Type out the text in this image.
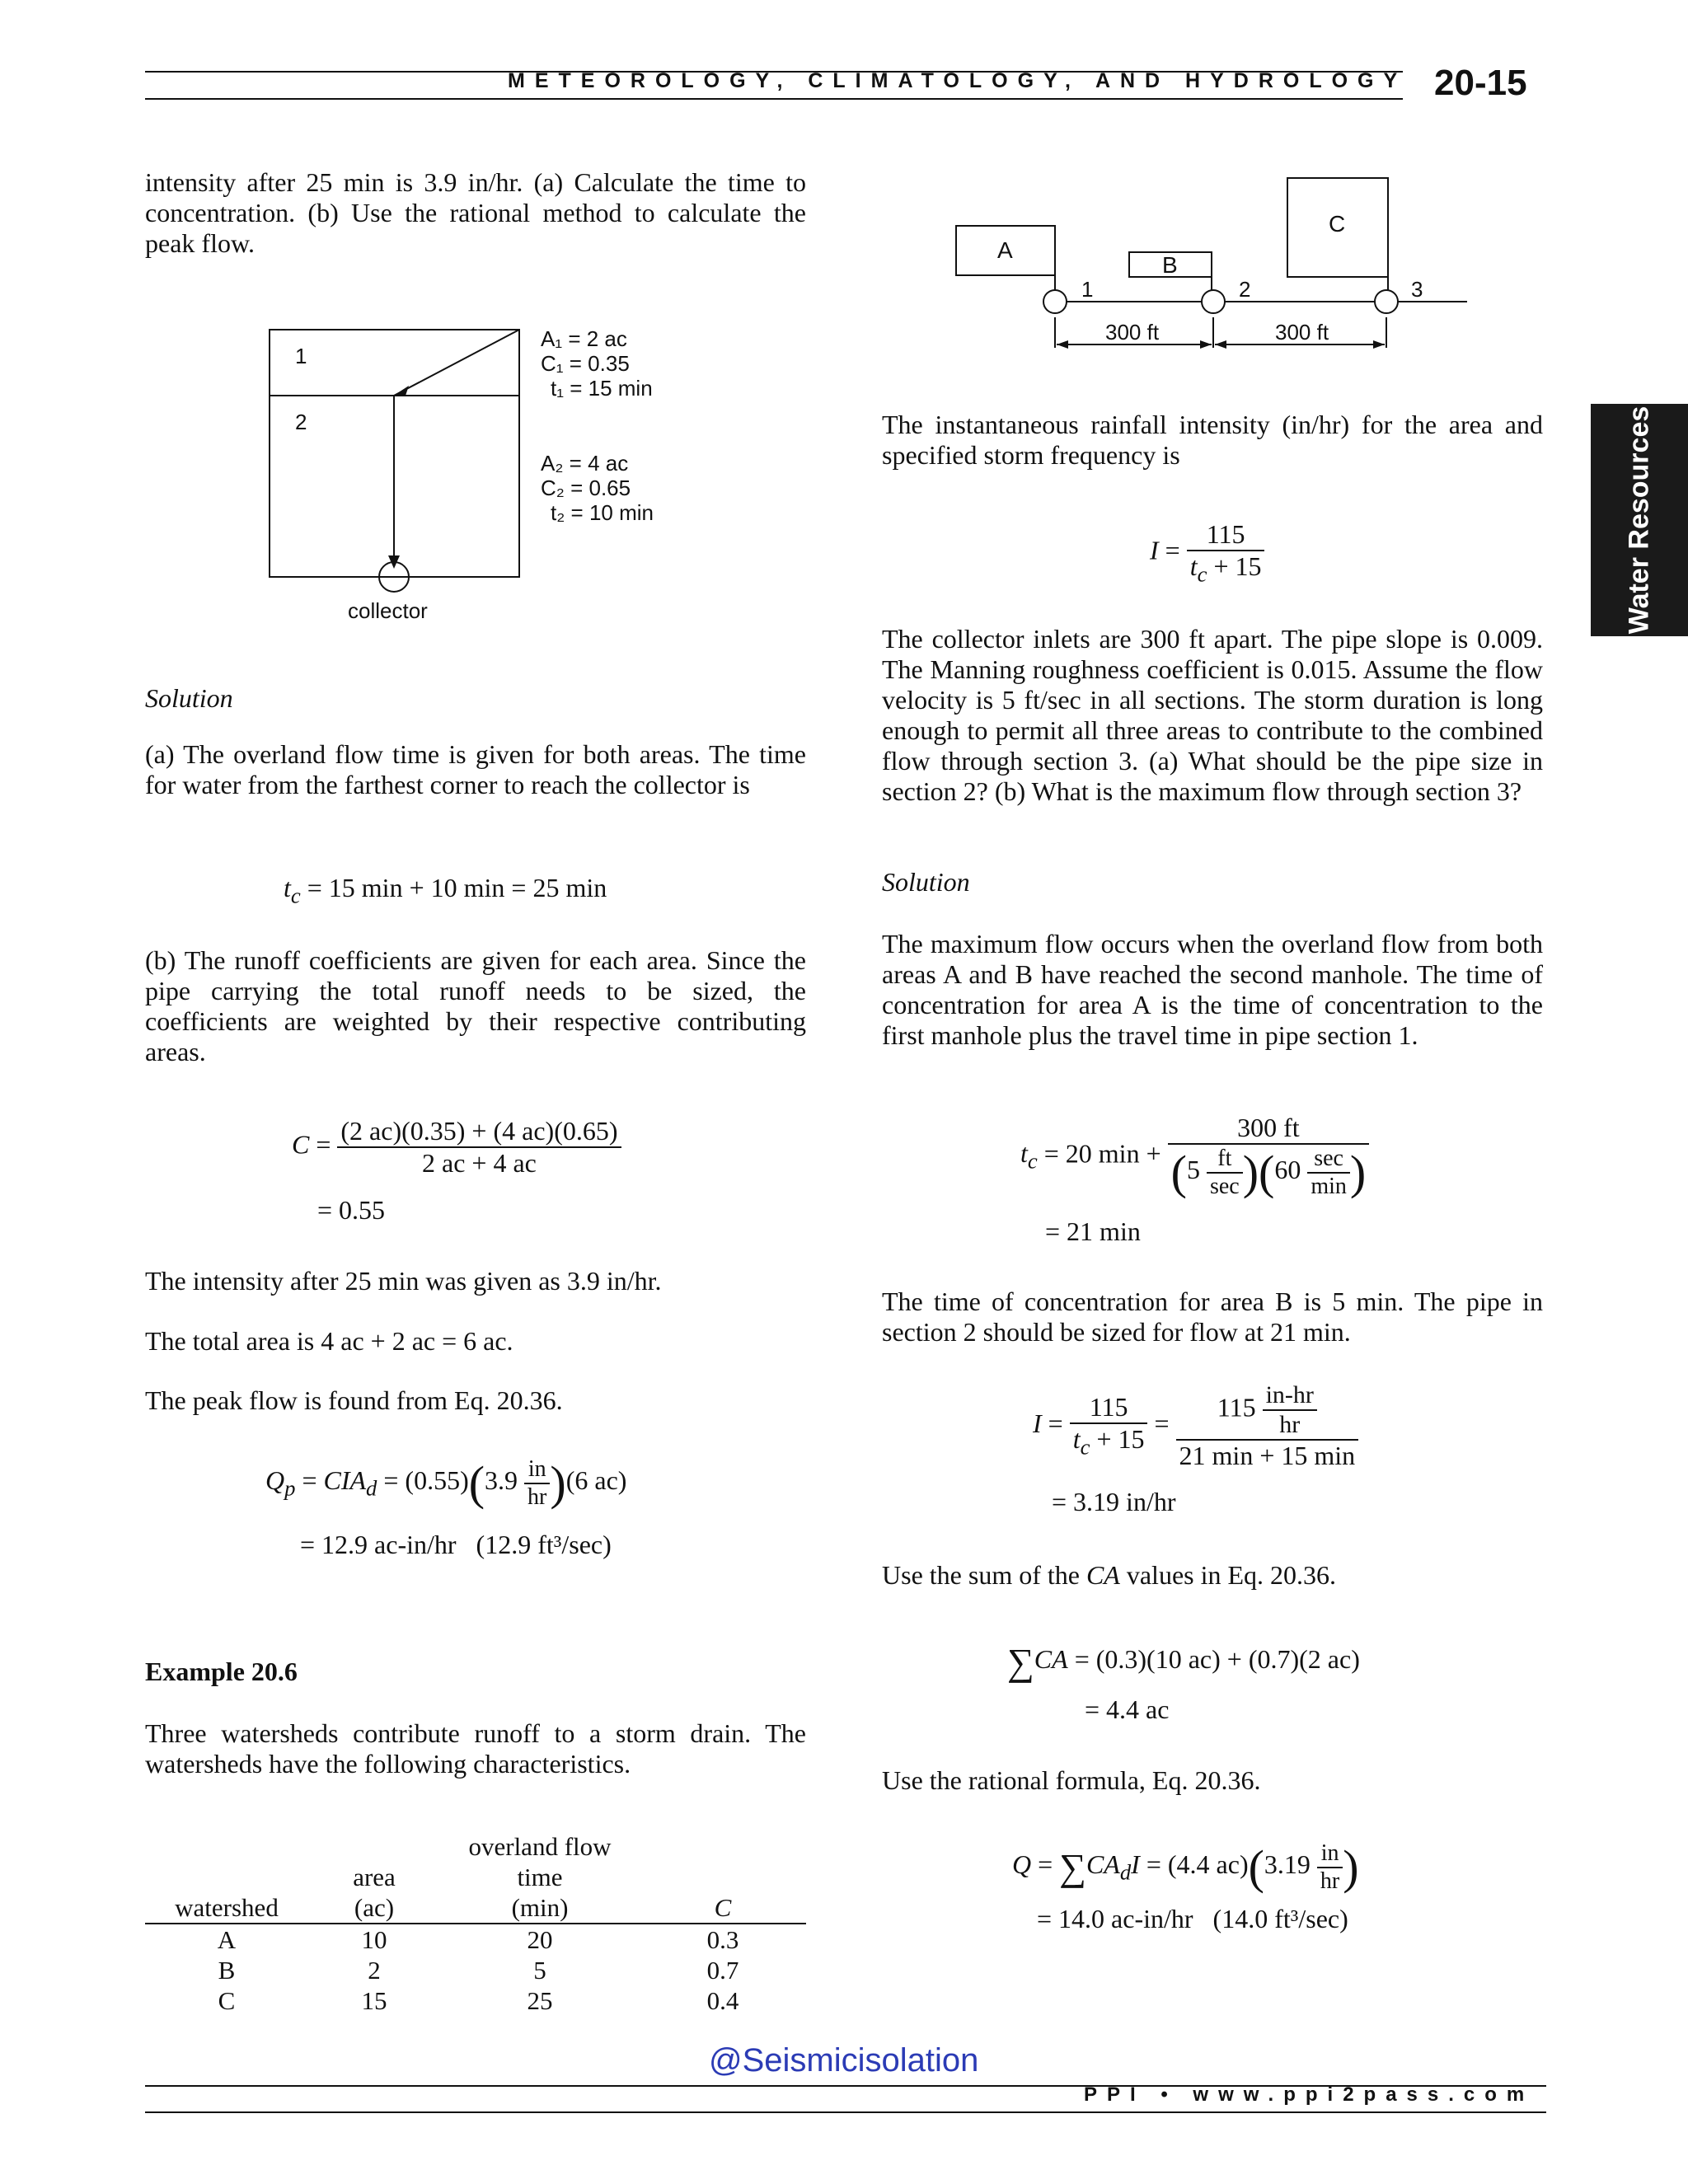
METEOROLOGY, CLIMATOLOGY, AND HYDROLOGY 20-15
Water Resources
intensity after 25 min is 3.9 in/hr. (a) Calculate the time to concentration. (b) Use the rational method to calculate the peak flow.
1
2
A₁ = 2 ac
C₁ = 0.35
t₁ = 15 min
A₂ = 4 ac
C₂ = 0.65
t₂ = 10 min
collector
Solution
(a) The overland flow time is given for both areas. The time for water from the farthest corner to reach the collector is
$t_c = 15$ min + 10 min = 25 min
(b) The runoff coefficients are given for each area. Since the pipe carrying the total runoff needs to be sized, the coefficients are weighted by their respective contributing areas.
$C = \frac{(2 ac)(0.35) + (4 ac)(0.65)}{2 ac + 4 ac}$
= 0.55
The intensity after 25 min was given as 3.9 in/hr.
The total area is 4 ac + 2 ac = 6 ac.
The peak flow is found from Eq. 20.36.
$Q_p = CIA_d = (0.55)(3.9 \frac{in}{hr} )(6$ ac)
= 12.9 ac-in/hr (12.9 ft³/sec)
Example 20.6
Three watersheds contribute runoff to a storm drain. The watersheds have the following characteristics.
		overland flow	
	area	time	
watershed	(ac)	(min)	C
A	10	20	0.3
B	2	5	0.7
C	15	25	0.4
A
B
C
1	2	3
300 ft	300 ft
The instantaneous rainfall intensity (in/hr) for the area and specified storm frequency is
$I = \frac{115}{t_c + 15}$
The collector inlets are 300 ft apart. The pipe slope is 0.009. The Manning roughness coefficient is 0.015. Assume the flow velocity is 5 ft/sec in all sections. The storm duration is long enough to permit all three areas to contribute to the combined flow through section 3. (a) What should be the pipe size in section 2? (b) What is the maximum flow through section 3?
Solution
The maximum flow occurs when the overland flow from both areas A and B have reached the second manhole. The time of concentration for area A is the time of concentration to the first manhole plus the travel time in pipe section 1.
$t_c = 20$ $\min + \frac{300 ft}{(5 \frac{ft}{\sec} )(60 \frac{\sec}{\min} )}$
= 21 min
The time of concentration for area B is 5 min. The pipe in section 2 should be sized for flow at 21 min.
$I = \frac{115}{t_c + 15} = \frac{115 \frac{in-hr}{hr}}{21 \min + 15 \min}$
= 3.19 in/hr
Use the sum of the CA values in Eq. 20.36.
∑CA = (0.3)(10 ac) + (0.7)(2 ac)
= 4.4 ac
Use the rational formula, Eq. 20.36.
$Q = \sum CA_dI = (4.4$ $ac)(3.19 \frac{in}{hr}$ )
= 14.0 ac-in/hr (14.0 ft³/sec)
@Seismicisolation
PPI • www.ppi2pass.com
